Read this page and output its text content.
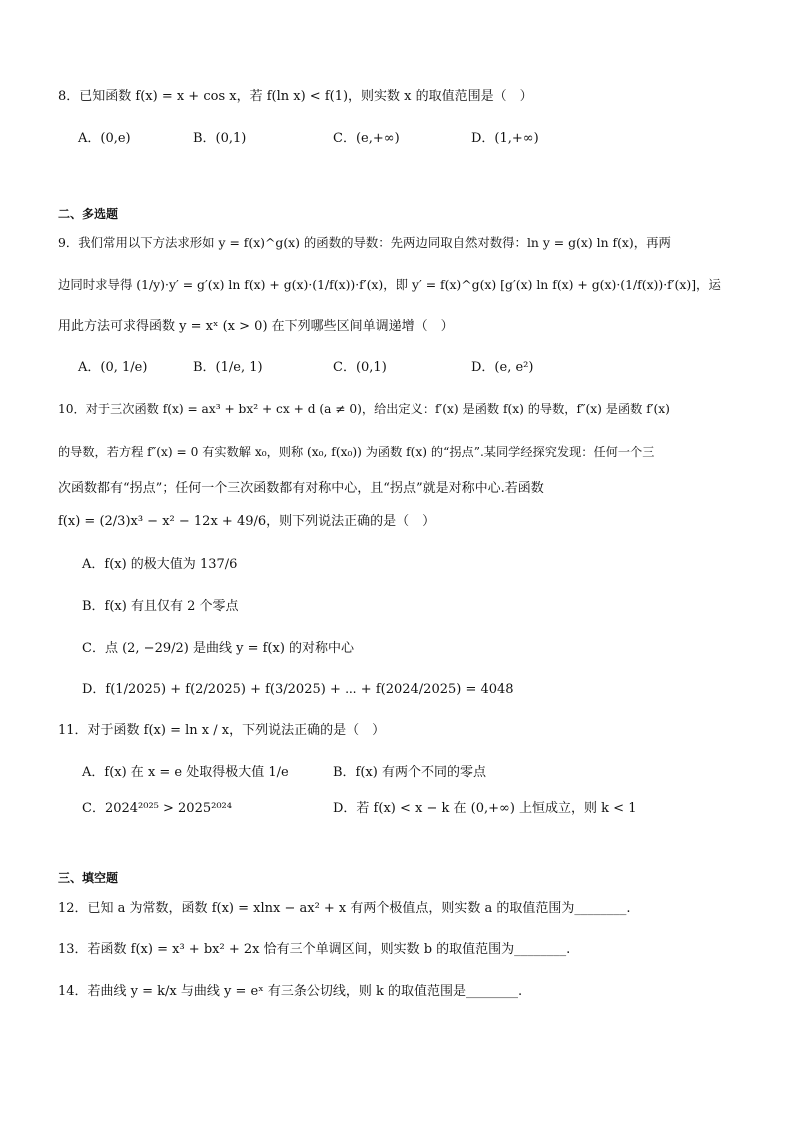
8．已知函数 f(x) = x + cos x，若 f(ln x) < f(1)，则实数 x 的取值范围是（　）
A．(0,e)	B．(0,1)	C．(e,+∞)	D．(1,+∞)
二、多选题
9．我们常用以下方法求形如 y = f(x)^g(x) 的函数的导数：先两边同取自然对数得：ln y = g(x) ln f(x)，再两
边同时求导得 (1/y)·y′ = g′(x) ln f(x) + g(x)·(1/f(x))·f′(x)，即 y′ = f(x)^g(x) [g′(x) ln f(x) + g(x)·(1/f(x))·f′(x)]，运
用此方法可求得函数 y = xˣ (x > 0) 在下列哪些区间单调递增（　）
A．(0, 1/e)	B．(1/e, 1)	C．(0,1)	D．(e, e²)
10．对于三次函数 f(x) = ax³ + bx² + cx + d (a ≠ 0)，给出定义：f′(x) 是函数 f(x) 的导数，f″(x) 是函数 f′(x)
的导数，若方程 f″(x) = 0 有实数解 x₀，则称 (x₀, f(x₀)) 为函数 f(x) 的“拐点”.某同学经探究发现：任何一个三
次函数都有“拐点”；任何一个三次函数都有对称中心，且“拐点”就是对称中心.若函数
f(x) = (2/3)x³ − x² − 12x + 49/6，则下列说法正确的是（　）
A．f(x) 的极大值为 137/6
B．f(x) 有且仅有 2 个零点
C．点 (2, −29/2) 是曲线 y = f(x) 的对称中心
D．f(1/2025) + f(2/2025) + f(3/2025) + ⋯ + f(2024/2025) = 4048
11．对于函数 f(x) = ln x / x，下列说法正确的是（　）
A．f(x) 在 x = e 处取得极大值 1/e	B．f(x) 有两个不同的零点
C．2024²⁰²⁵ > 2025²⁰²⁴	D．若 f(x) < x − k 在 (0,+∞) 上恒成立，则 k < 1
三、填空题
12．已知 a 为常数，函数 f(x) = xlnx − ax² + x 有两个极值点，则实数 a 的取值范围为________.
13．若函数 f(x) = x³ + bx² + 2x 恰有三个单调区间，则实数 b 的取值范围为________.
14．若曲线 y = k/x 与曲线 y = eˣ 有三条公切线，则 k 的取值范围是________.
